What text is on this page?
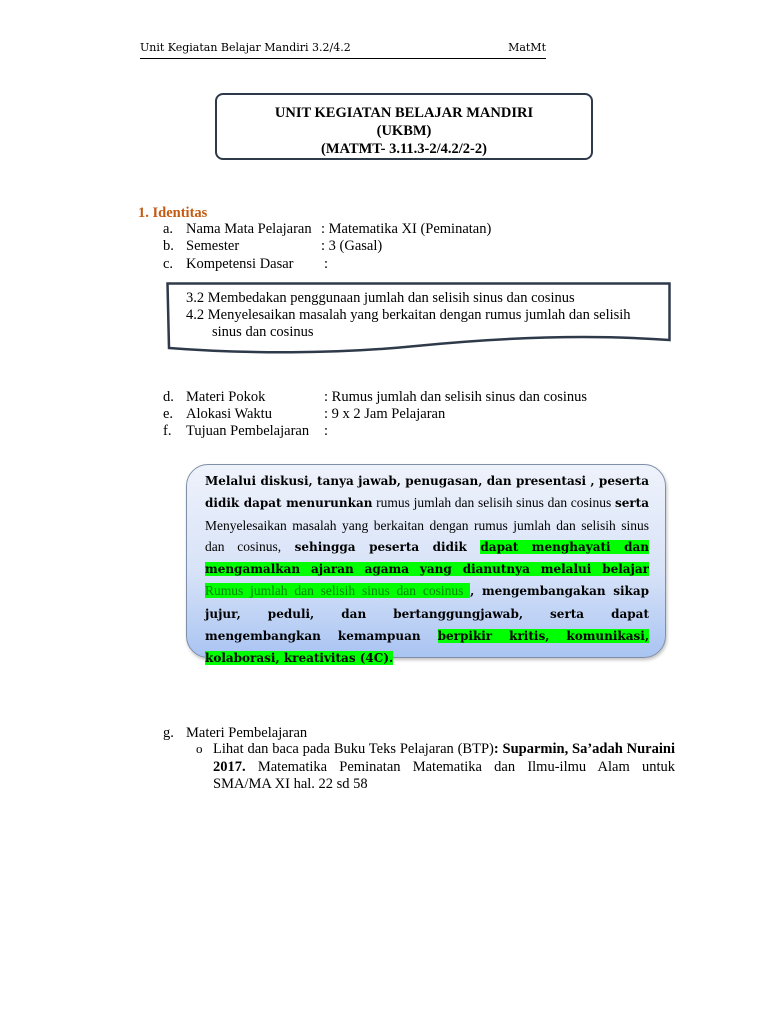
Unit Kegiatan Belajar Mandiri 3.2/4.2	MatMt
UNIT KEGIATAN BELAJAR MANDIRI
(UKBM)
(MATMT- 3.11.3-2/4.2/2-2)
1. Identitas
a. Nama Mata Pelajaran : Matematika XI (Peminatan)
b. Semester	: 3 (Gasal)
c. Kompetensi Dasar :
3.2 Membedakan penggunaan jumlah dan selisih sinus dan cosinus
4.2 Menyelesaikan masalah yang berkaitan dengan rumus jumlah dan selisih
sinus dan cosinus
d. Materi Pokok	: Rumus jumlah dan selisih sinus dan cosinus
e. Alokasi Waktu	: 9 x 2 Jam Pelajaran
f. Tujuan Pembelajaran :
Melalui diskusi, tanya jawab, penugasan, dan presentasi , peserta didik dapat menurunkan rumus jumlah dan selisih sinus dan cosinus serta Menyelesaikan masalah yang berkaitan dengan rumus jumlah dan selisih sinus dan cosinus, sehingga peserta didik dapat menghayati dan mengamalkan ajaran agama yang dianutnya melalui belajar Rumus jumlah dan selisih sinus dan cosinus , mengembangakan sikap jujur, peduli, dan bertanggungjawab, serta dapat mengembangkan kemampuan berpikir kritis, komunikasi, kolaborasi, kreativitas (4C).
g. Materi Pembelajaran
o Lihat dan baca pada Buku Teks Pelajaran (BTP): Suparmin, Sa’adah Nuraini 2017. Matematika Peminatan Matematika dan Ilmu-ilmu Alam untuk SMA/MA XI hal. 22 sd 58
